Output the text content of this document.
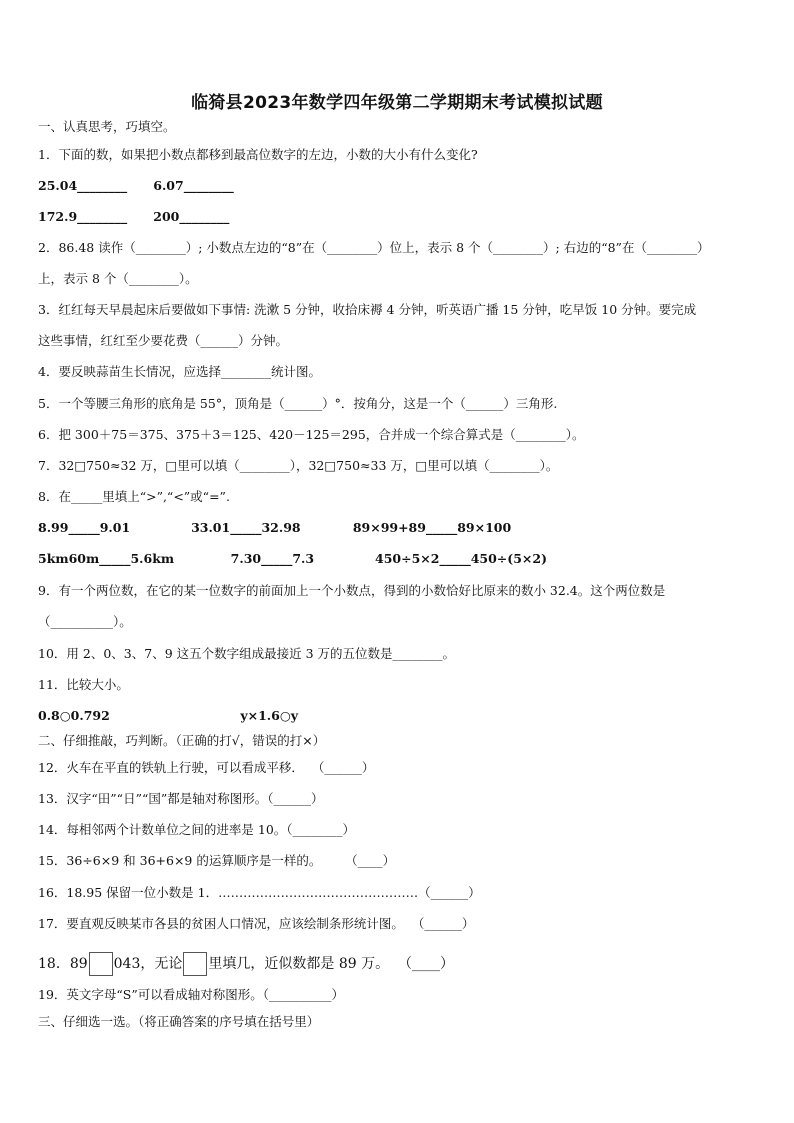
临猗县2023年数学四年级第二学期期末考试模拟试题
一、认真思考，巧填空。
1．下面的数，如果把小数点都移到最高位数字的左边，小数的大小有什么变化?
25.04________      6.07________
172.9________      200________
2．86.48 读作（________）; 小数点左边的“8”在（________）位上，表示 8 个（________）; 右边的“8”在（________）
上，表示 8 个（________）。
3．红红每天早晨起床后要做如下事情: 洗漱 5 分钟，收拾床褥 4 分钟，听英语广播 15 分钟，吃早饭 10 分钟。要完成
这些事情，红红至少要花费（______）分钟。
4．要反映蒜苗生长情况，应选择________统计图。
5．一个等腰三角形的底角是 55°，顶角是（______）°．按角分，这是一个（______）三角形.
6．把 300＋75＝375、375＋3＝125、420－125＝295，合并成一个综合算式是（________）。
7．32□750≈32 万，□里可以填（________），32□750≈33 万，□里可以填（________）。
8．在_____里填上“>”,“<”或“=”.
8.99_____9.01              33.01_____32.98            89×99+89_____89×100
5km60m_____5.6km             7.30_____7.3              450÷5×2_____450÷(5×2)
9．有一个两位数，在它的某一位数字的前面加上一个小数点，得到的小数恰好比原来的数小 32.4。这个两位数是
（__________）。
10．用 2、0、3、7、9 这五个数字组成最接近 3 万的五位数是________。
11．比较大小。
0.8○0.792                              y×1.6○y
二、仔细推敲，巧判断。（正确的打√，错误的打×）
12．火车在平直的铁轨上行驶，可以看成平移．  （______）
13．汉字“田”“日”“国”都是轴对称图形。（______）
14．每相邻两个计数单位之间的进率是 10。（________）
15．36÷6×9 和 36+6×9 的运算顺序是一样的。      （____）
16．18.95 保留一位小数是 1．…………………………………………（______）
17．要直观反映某市各县的贫困人口情况，应该绘制条形统计图。  （______）
18．89 043，无论 里填几，近似数都是 89 万。  （____）
19．英文字母“S”可以看成轴对称图形。（__________）
三、仔细选一选。（将正确答案的序号填在括号里）
